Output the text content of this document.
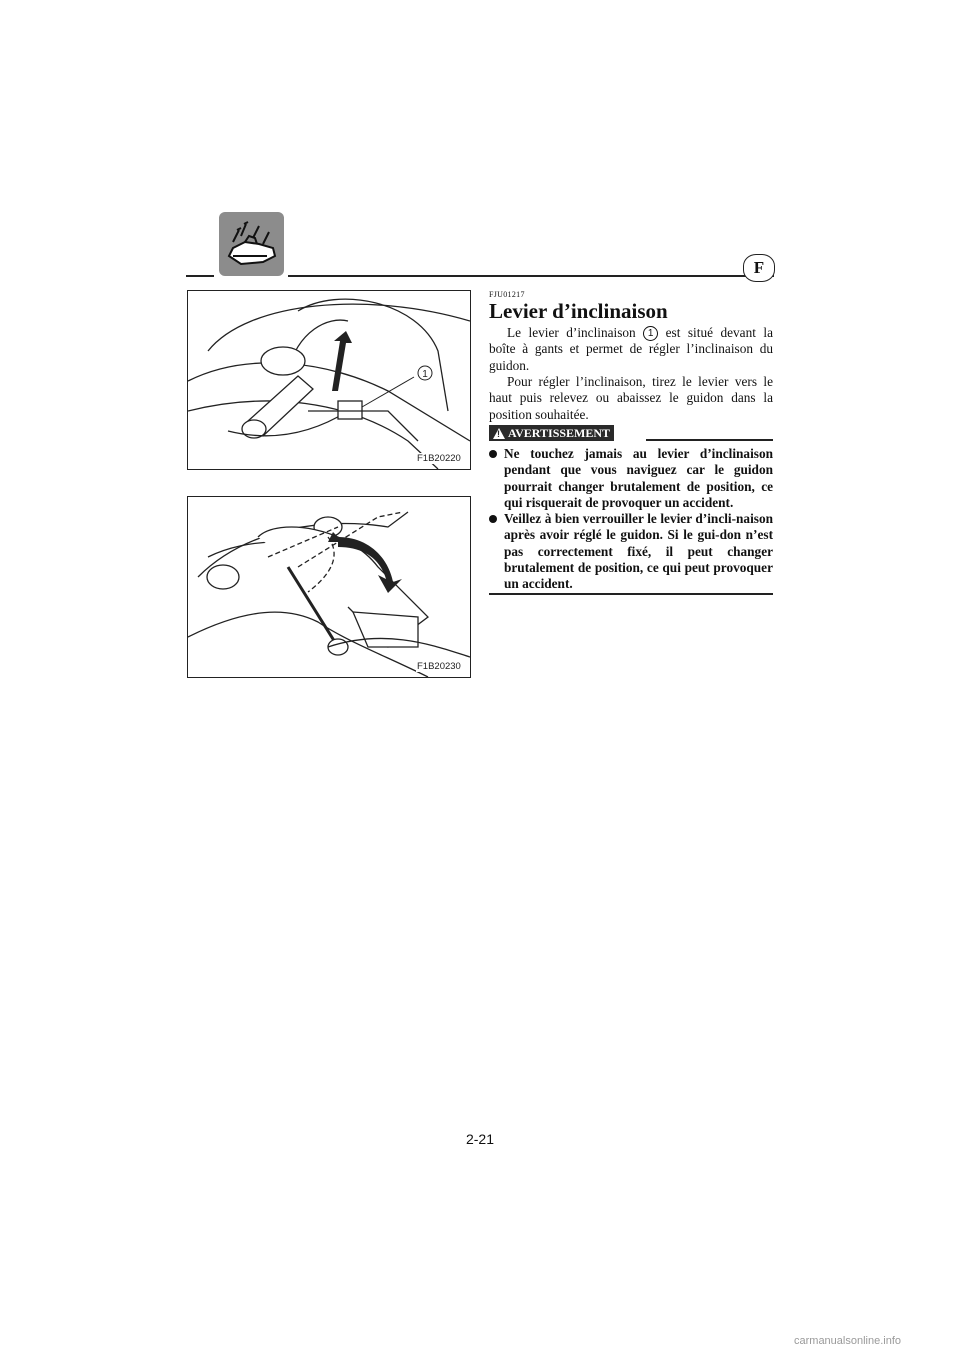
F
1
F1B20220
F1B20230
FJU01217
Levier d’inclinaison

Le levier d’inclinaison 1 est situé devant la boîte à gants et permet de régler l’inclinaison du guidon.

Pour régler l’inclinaison, tirez le levier vers le haut puis relevez ou abaissez le guidon dans la position souhaitée.

!
AVERTISSEMENT
Ne touchez jamais au levier d’inclinaison pendant que vous naviguez car le guidon pourrait changer brutalement de position, ce qui risquerait de provoquer un accident.
Veillez à bien verrouiller le levier d’incli-naison après avoir réglé le guidon. Si le gui-don n’est pas correctement fixé, il peut changer brutalement de position, ce qui peut provoquer un accident.
2-21
carmanualsonline.info
